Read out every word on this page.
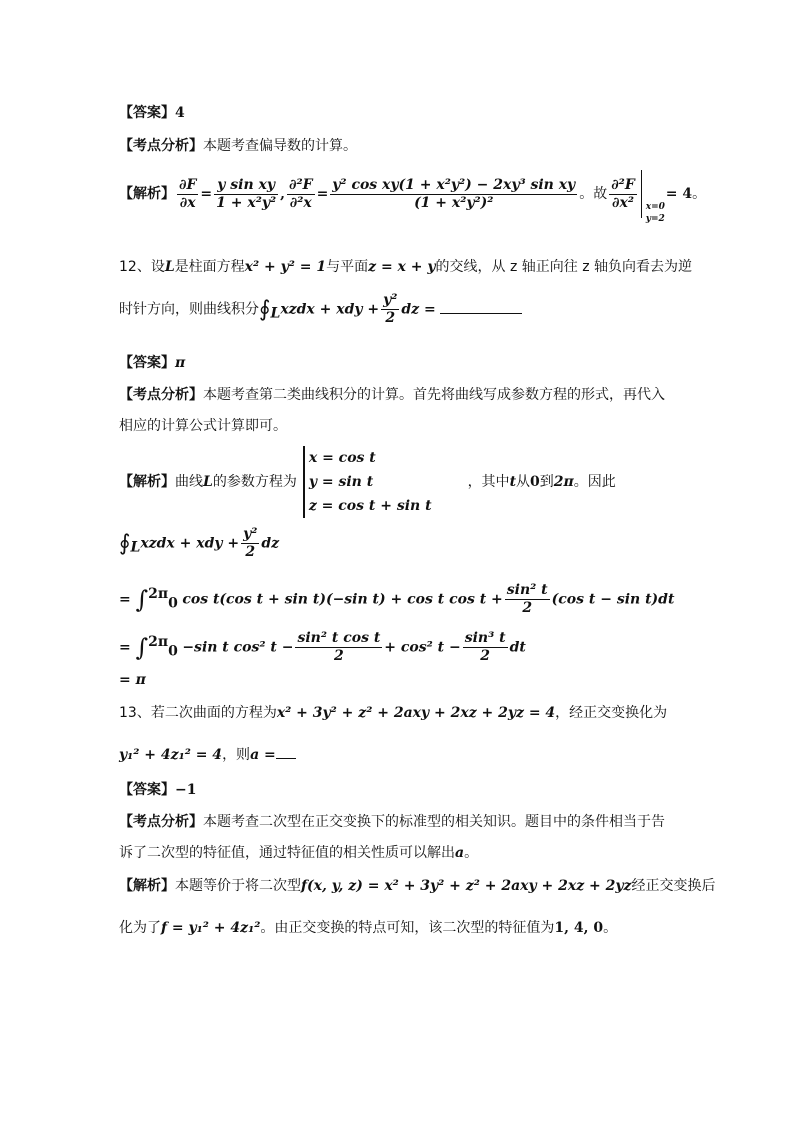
【答案】4
【考点分析】本题考查偏导数的计算。
【解析】 $\frac{\partial F}{\partial x} = \frac{\text{y sin xy}}{\text{1 + x²y²}}$ , $\frac{\text{∂²F}}{\text{∂²x}} = \frac{\text{y² cos xy(1 + x²y²) − 2xy³ sin xy}}{\text{(1 + x²y²)²}}$ 。故 $\frac{\text{∂²F}}{\text{∂x²}} x=0$
y=2
= 4。
12、设L是柱面方程x² + y² = 1与平面z = x + y的交线，从 z 轴正向往 z 轴负向看去为逆
时针方向，则曲线积分$∮_Lxzdx$ + xdy + $\frac{\text{y²}}{2}$ dz =
【答案】π
【考点分析】本题考查第二类曲线积分的计算。首先将曲线写成参数方程的形式，再代入
相应的计算公式计算即可。
【解析】曲线L的参数方程为
x = cos t
y = sin t
z = cos t + sin t
，其中t从0到2π。因此
$∮_Lxzdx$ + xdy + $\frac{\text{y²}}{2}$ dz
= ∫$^{2\pi}_0$ cos t(cos t + sin t)(−sin t) + cos t $\cos t + \frac{\text{sin² t}}{2} (\cos$ t − sin t)dt
= ∫$^{2\pi}_0$ −sin t cos² $t - \frac{\text{sin² t cos t}}{2} + \cos^2$ $t - \frac{\text{sin³ t}}{2}$ dt
= π
13、若二次曲面的方程为x² + 3y² + z² + 2axy + 2xz + 2yz = 4，经正交变换化为
y₁² + 4z₁² = 4，则a =
【答案】−1
【考点分析】本题考查二次型在正交变换下的标准型的相关知识。题目中的条件相当于告
诉了二次型的特征值，通过特征值的相关性质可以解出a。
【解析】本题等价于将二次型f(x, y, z) = x² + 3y² + z² + 2axy + 2xz + 2yz经正交变换后
化为了f = y₁² + 4z₁²。由正交变换的特点可知，该二次型的特征值为1, 4, 0。
